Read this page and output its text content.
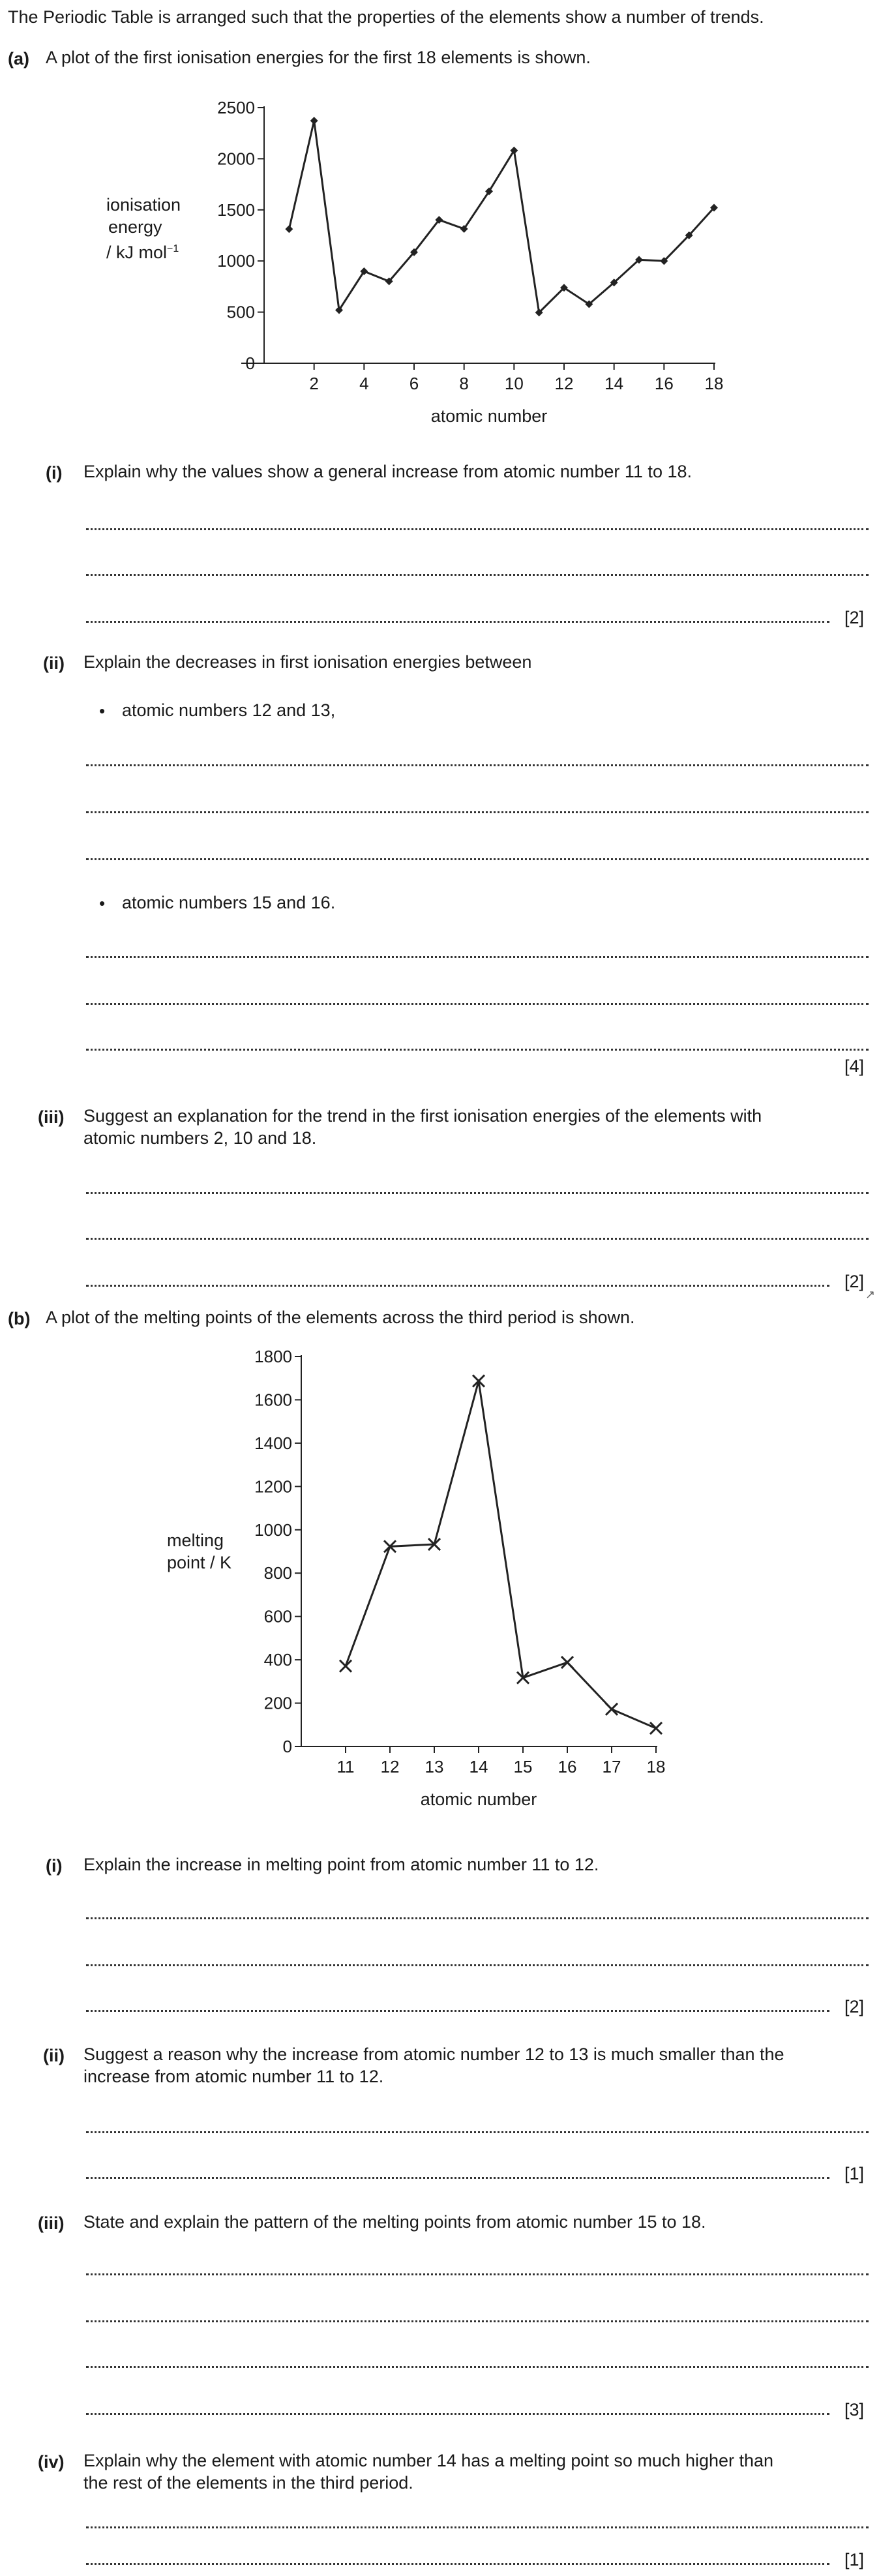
The Periodic Table is arranged such that the properties of the elements show a number of trends.
(a) A plot of the first ionisation energies for the first 18 elements is shown.
ionisation
energy
/ kJ mol$^{-1}$
0
500
1000
1500
2000
2500
2 4 6 8 10 12 14 16 18
atomic number
(i) Explain why the values show a general increase from atomic number 11 to 18.
[2]
(ii) Explain the decreases in first ionisation energies between
• atomic numbers 12 and 13,
• atomic numbers 15 and 16.
[4]
(iii) Suggest an explanation for the trend in the first ionisation energies of the elements with
atomic numbers 2, 10 and 18.
[2]
↗
(b) A plot of the melting points of the elements across the third period is shown.
melting
point / K
0
200
400
600
800
1000
1200
1400
1600
1800
11 12 13 14 15 16 17 18
atomic number
(i) Explain the increase in melting point from atomic number 11 to 12.
[2]
(ii) Suggest a reason why the increase from atomic number 12 to 13 is much smaller than the
increase from atomic number 11 to 12.
[1]
(iii) State and explain the pattern of the melting points from atomic number 15 to 18.
[3]
(iv) Explain why the element with atomic number 14 has a melting point so much higher than
the rest of the elements in the third period.
[1]
